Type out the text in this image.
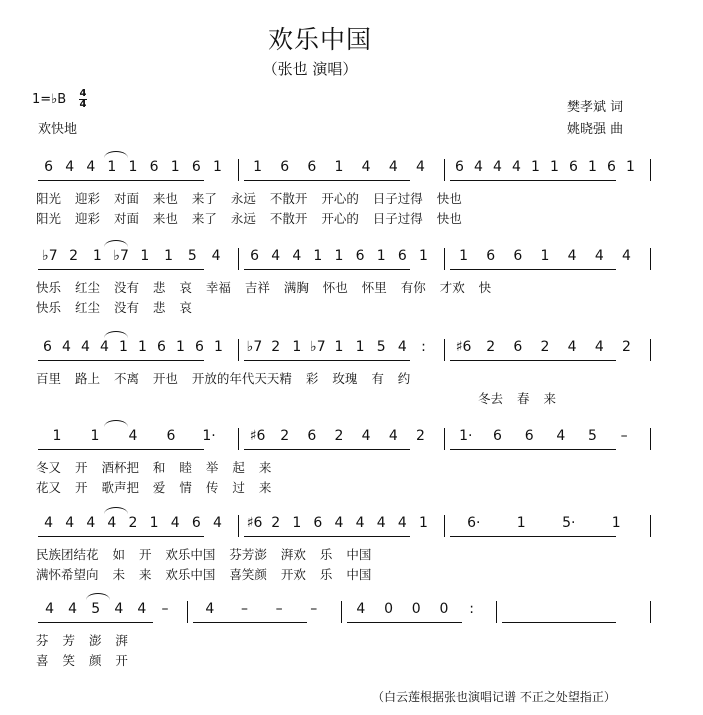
欢乐中国
（张也 演唱）
1=♭B 4
4
欢快地
樊孝斌 词
姚晓强 曲
6 4 4 1 1 6 1 6 1	1	6	6	1	4	4	4	6 4 4 4 1 1 6 1 6 1
阳光 迎彩 对面 来也 来了 永远 不散开 开心的 日子过得 快也
阳光 迎彩 对面 来也 来了 永远 不散开 开心的 日子过得 快也
♭7 2	1 ♭7 1	1	5	4	6 4 4 1 1 6 1 6 1	1	6	6	1	4	4	4
快乐 红尘 没有 悲 哀 幸福 吉祥 满胸 怀也 怀里 有你 才欢 快
快乐 红尘 没有 悲 哀
6 4 4 4 1 1 6 1 6 1	♭7 2 1 ♭7 1 1 5 4	:	♯6	2	6	2	4	4	2
百里 路上 不离 开也 开放的年代天天精 彩 玫瑰 有 约
冬去 春 来
1	1	4	6	1·	♯6	2	6	2	4	4	2	1·	6	6	4	5	–
冬又 开 酒杯把 和 睦 举 起 来
花又 开 歌声把 爱 情 传 过 来
4 4 4 4 2 1 4 6 4	♯6 2 1 6 4 4 4 4 1	6·	1	5·	1
民族团结花 如 开 欢乐中国 芬芳澎 湃欢 乐 中国
满怀希望向 未 来 欢乐中国 喜笑颜 开欢 乐 中国
4	4	5	4	4	–	4	–	–	–	4	0	0	0	:
芬 芳 澎 湃
喜 笑 颜 开
（白云莲根据张也演唱记谱 不正之处望指正）
